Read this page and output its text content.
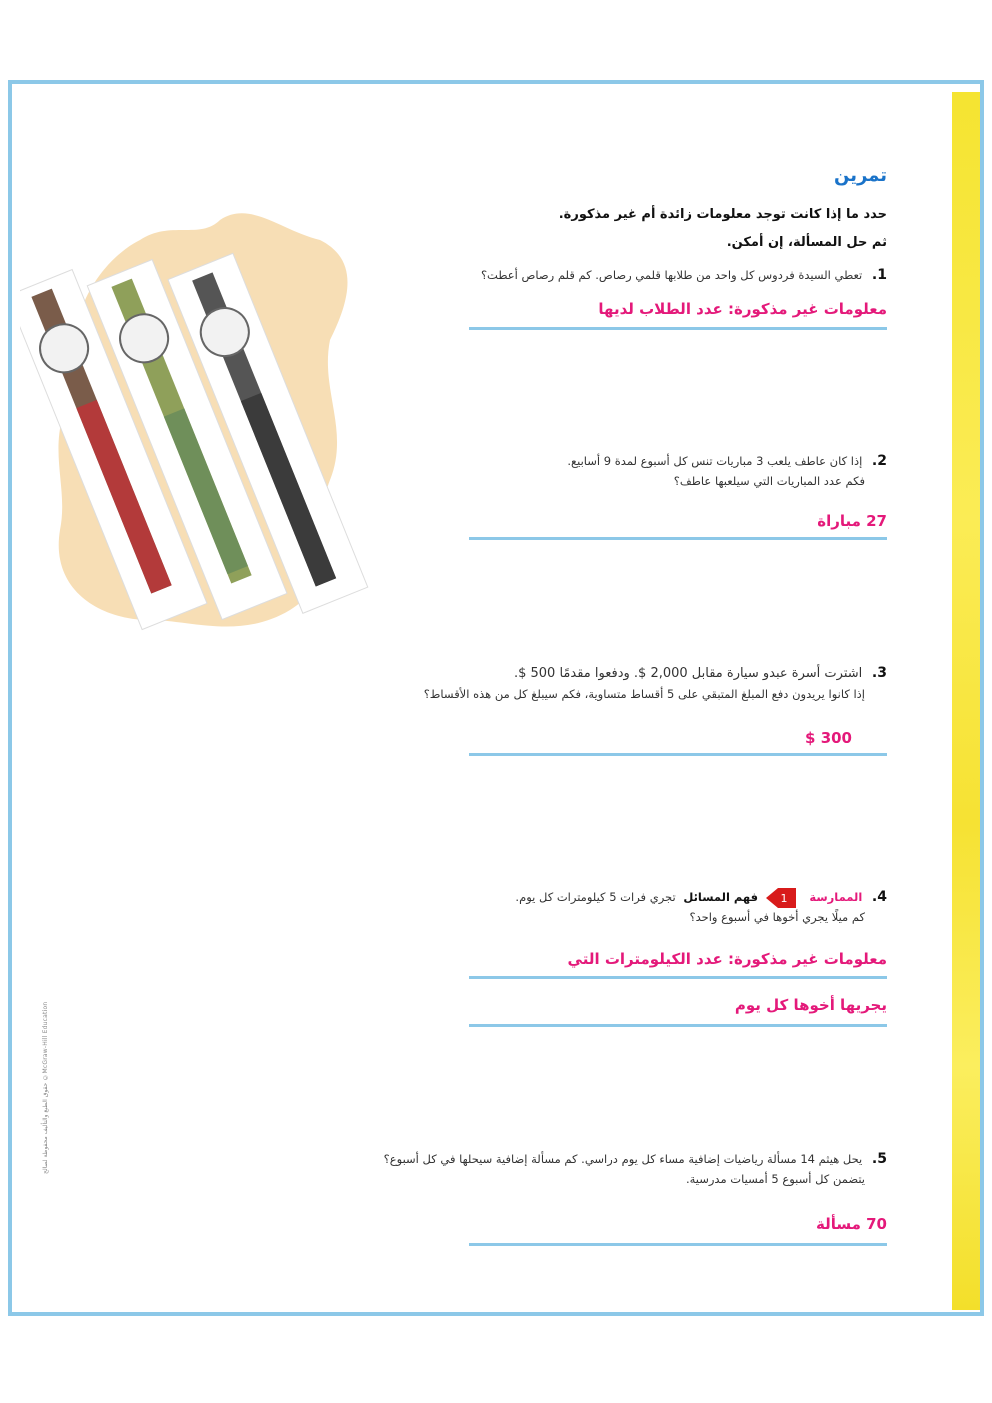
تمرين
حدد ما إذا كانت توجد معلومات زائدة أم غير مذكورة.
ثم حل المسألة، إن أمكن.
1. تعطي السيدة فردوس كل واحد من طلابها قلمي رصاص. كم قلم رصاص أعطت؟
معلومات غير مذكورة: عدد الطلاب لديها
2. إذا كان عاطف يلعب 3 مباريات تنس كل أسبوع لمدة 9 أسابيع.
فكم عدد المباريات التي سيلعبها عاطف؟
27 مباراة
3. اشترت أسرة عبدو سيارة مقابل 2,000 $. ودفعوا مقدمًا 500 $.
إذا كانوا يريدون دفع المبلغ المتبقي على 5 أقساط متساوية، فكم سيبلغ كل من هذه الأقساط؟
300 $
4. الممارسة
1
فهم المسائل تجري فرات 5 كيلومترات كل يوم.
كم ميلًا يجري أخوها في أسبوع واحد؟
معلومات غير مذكورة: عدد الكيلومترات التي
يجريها أخوها كل يوم
5. يحل هيثم 14 مسألة رياضيات إضافية مساء كل يوم دراسي. كم مسألة إضافية سيحلها في كل أسبوع؟
يتضمن كل أسبوع 5 أمسيات مدرسية.
70 مسألة
McGraw-Hill Education ‎© حقوق الطبع والتأليف محفوظة لصالح
